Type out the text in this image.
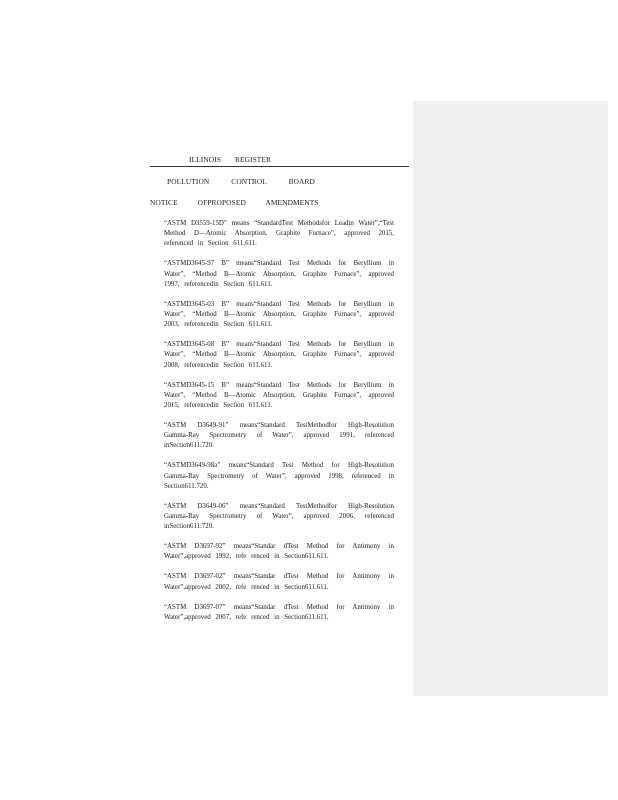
ILLINOIS REGISTER
POLLUTION CONTROL BOARD
NOTICE OFPROPOSED AMENDMENTS

“ASTM D3559-15D” means “StandardTest Methodsfor Leadin Water”,“Test Method D—Atomic Absorption, Graphite Furnace”, approved 2015, referenced in Section 611.611.

“ASTMD3645-97 B” means“Standard Test Methods for Beryllium in Water”, “Method B—Atomic Absorption, Graphite Furnace”, approved 1997, referencedin Section 611.611.

“ASTMD3645-03 B” means“Standard Test Methods for Beryllium in Water”, “Method B—Atomic Absorption, Graphite Furnace”, approved 2003, referencedin Section 611.611.

“ASTMD3645-08 B” means“Standard Test Methods for Beryllium in Water”, “Method B—Atomic Absorption, Graphite Furnace”, approved 2008, referencedin Section 611.611.

“ASTMD3645-15 B” means“Standard Test Methods for Beryllium in Water”, “Method B—Atomic Absorption, Graphite Furnace”, approved 2015, referencedin Section 611.611.

“ASTM D3649-91” means“Standard TestMethodfor High-Resolution Gamma-Ray Spectrometry of Water”, approved 1991, referenced inSection611.720.

“ASTMD3649-98a” means“Standard Test Method for High-Resolution Gamma-Ray Spectrometry of Water”, approved 1998, referenced in Section611.720.

“ASTM D3649-06” means“Standard TestMethodfor High-Resolution Gamma-Ray Spectrometry of Water”, approved 2006, referenced inSection611.720.

“ASTM D3697-92” means“Standar dTest Method for Antimony in Water”,approved 1992, refe renced in Section611.611.

“ASTM D3697-02” means“Standar dTest Method for Antimony in Water”,approved 2002, refe renced in Section611.611.

“ASTM D3697-07” means“Standar dTest Method for Antimony in Water”,approved 2007, refe renced in Section611.611.
